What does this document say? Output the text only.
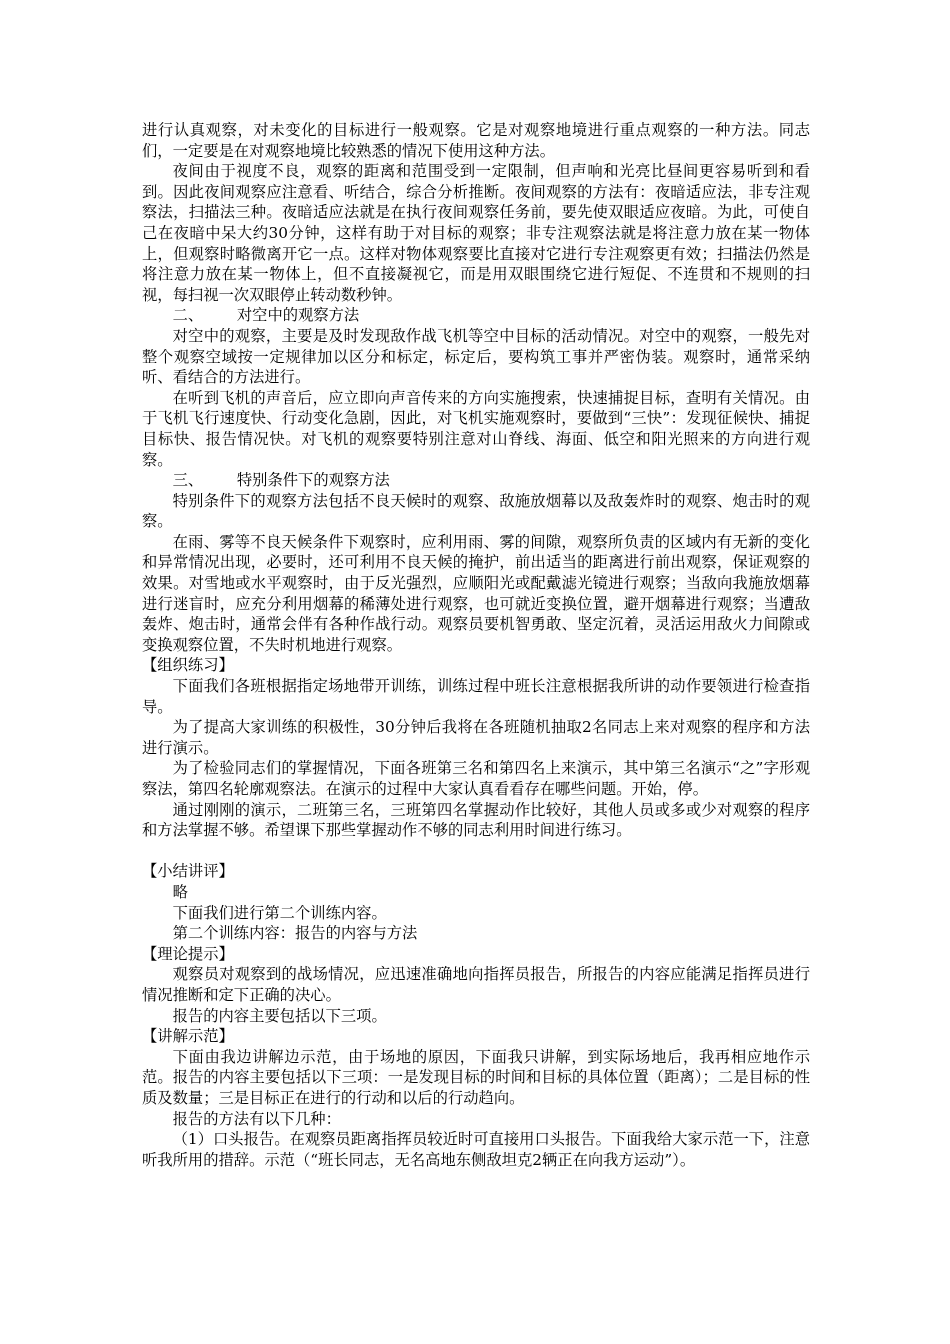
进行认真观察，对未变化的目标进行一般观察。它是对观察地境进行重点观察的一种方法。同志们，一定要是在对观察地境比较熟悉的情况下使用这种方法。

夜间由于视度不良，观察的距离和范围受到一定限制，但声响和光亮比昼间更容易听到和看到。因此夜间观察应注意看、听结合，综合分析推断。夜间观察的方法有：夜暗适应法，非专注观察法，扫描法三种。夜暗适应法就是在执行夜间观察任务前，要先使双眼适应夜暗。为此，可使自己在夜暗中呆大约30分钟，这样有助于对目标的观察；非专注观察法就是将注意力放在某一物体上，但观察时略微离开它一点。这样对物体观察要比直接对它进行专注观察更有效；扫描法仍然是将注意力放在某一物体上，但不直接凝视它，而是用双眼围绕它进行短促、不连贯和不规则的扫视，每扫视一次双眼停止转动数秒钟。

二、 对空中的观察方法

对空中的观察，主要是及时发现敌作战飞机等空中目标的活动情况。对空中的观察，一般先对整个观察空域按一定规律加以区分和标定，标定后，要构筑工事并严密伪装。观察时，通常采纳听、看结合的方法进行。

在听到飞机的声音后，应立即向声音传来的方向实施搜索，快速捕捉目标，查明有关情况。由于飞机飞行速度快、行动变化急剧，因此，对飞机实施观察时，要做到“三快”：发现征候快、捕捉目标快、报告情况快。对飞机的观察要特别注意对山脊线、海面、低空和阳光照来的方向进行观察。

三、 特别条件下的观察方法

特别条件下的观察方法包括不良天候时的观察、敌施放烟幕以及敌轰炸时的观察、炮击时的观察。

在雨、雾等不良天候条件下观察时，应利用雨、雾的间隙，观察所负责的区域内有无新的变化和异常情况出现，必要时，还可利用不良天候的掩护，前出适当的距离进行前出观察，保证观察的效果。对雪地或水平观察时，由于反光强烈，应顺阳光或配戴滤光镜进行观察；当敌向我施放烟幕进行迷盲时，应充分利用烟幕的稀薄处进行观察，也可就近变换位置，避开烟幕进行观察；当遭敌轰炸、炮击时，通常会伴有各种作战行动。观察员要机智勇敢、坚定沉着，灵活运用敌火力间隙或变换观察位置，不失时机地进行观察。

【组织练习】

下面我们各班根据指定场地带开训练，训练过程中班长注意根据我所讲的动作要领进行检查指导。

为了提高大家训练的积极性，30分钟后我将在各班随机抽取2名同志上来对观察的程序和方法进行演示。

为了检验同志们的掌握情况，下面各班第三名和第四名上来演示，其中第三名演示“之”字形观察法，第四名轮廓观察法。在演示的过程中大家认真看看存在哪些问题。开始，停。

通过刚刚的演示，二班第三名，三班第四名掌握动作比较好，其他人员或多或少对观察的程序和方法掌握不够。希望课下那些掌握动作不够的同志利用时间进行练习。

【小结讲评】

略

下面我们进行第二个训练内容。

第二个训练内容：报告的内容与方法

【理论提示】

观察员对观察到的战场情况，应迅速准确地向指挥员报告，所报告的内容应能满足指挥员进行情况推断和定下正确的决心。

报告的内容主要包括以下三项。

【讲解示范】

下面由我边讲解边示范，由于场地的原因，下面我只讲解，到实际场地后，我再相应地作示范。报告的内容主要包括以下三项：一是发现目标的时间和目标的具体位置（距离）；二是目标的性质及数量；三是目标正在进行的行动和以后的行动趋向。

报告的方法有以下几种：

（1）口头报告。在观察员距离指挥员较近时可直接用口头报告。下面我给大家示范一下，注意听我所用的措辞。示范（“班长同志，无名高地东侧敌坦克2辆正在向我方运动”）。
